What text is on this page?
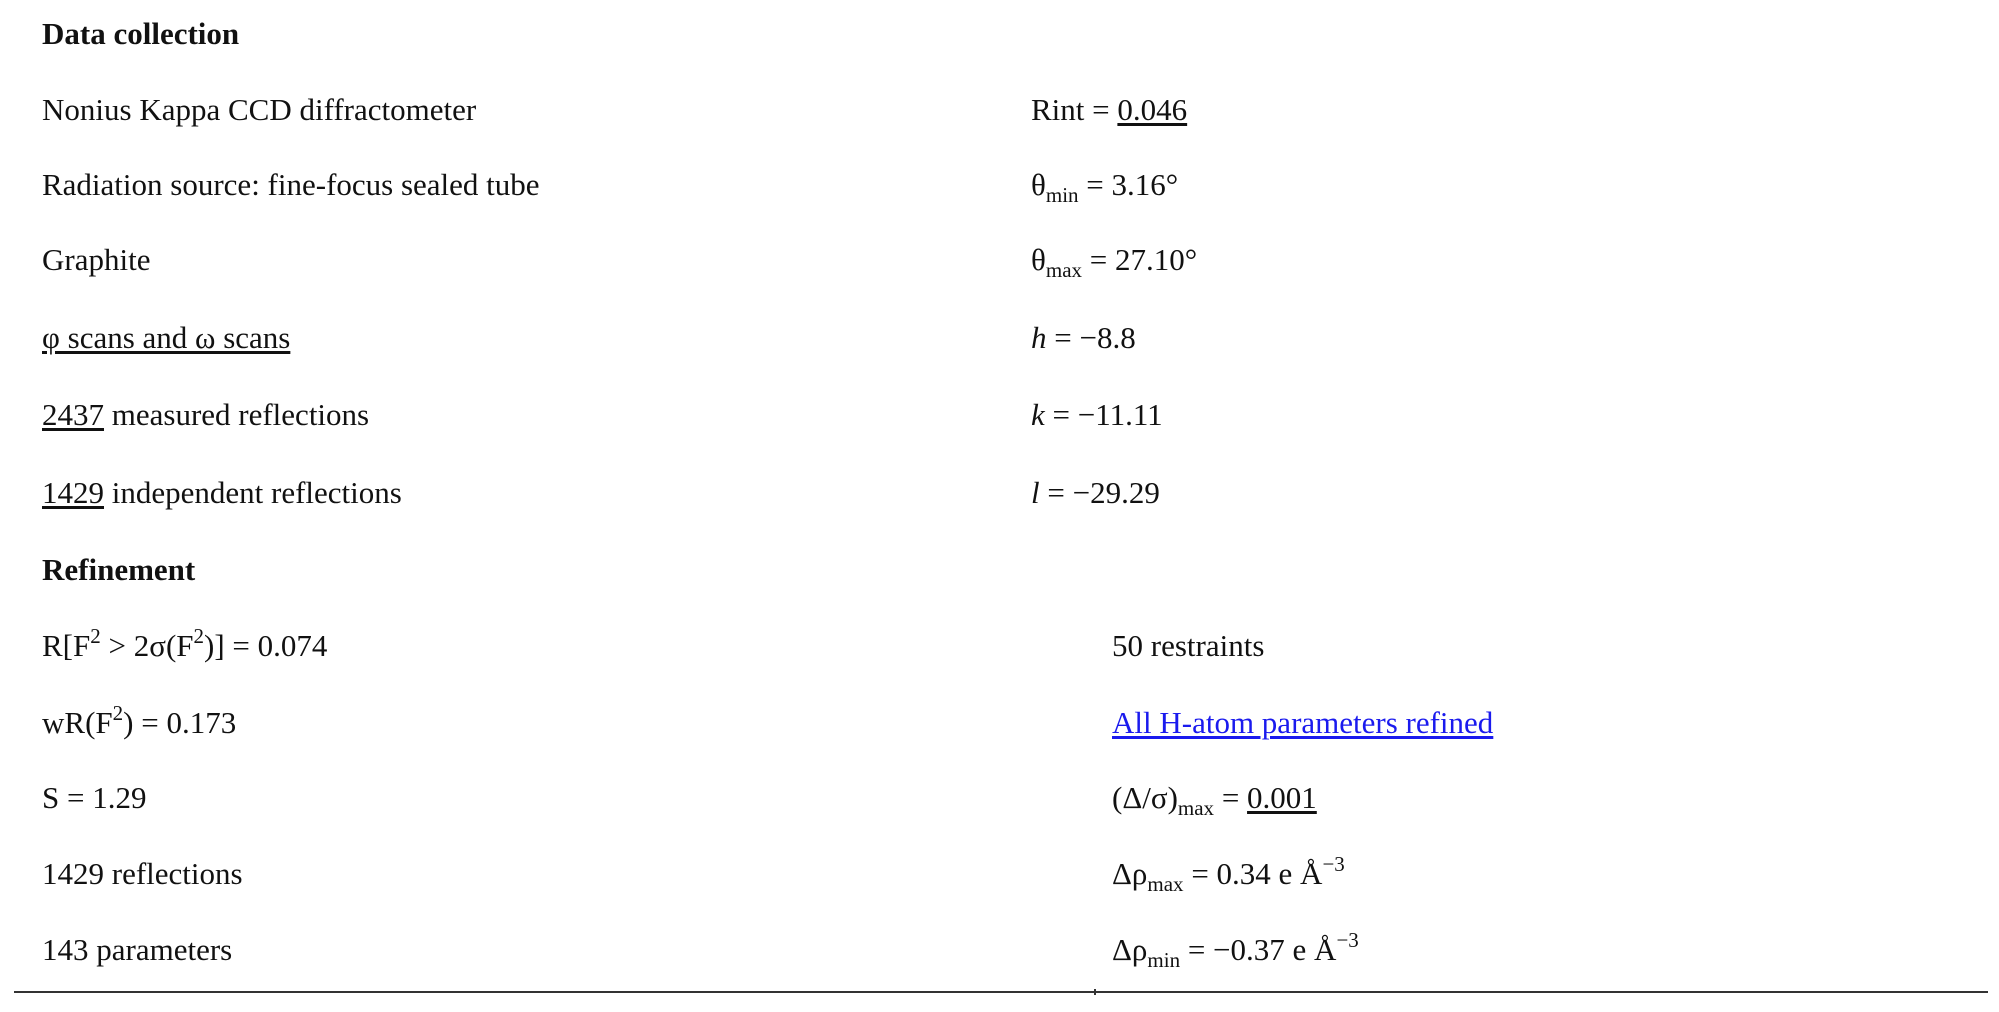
Data collection
Nonius Kappa CCD diffractometer	Rint = 0.046
Radiation source: fine-focus sealed tube	$\theta_{min} = 3.16^\circ$
Graphite	$\theta_{max} = 27.10^\circ$
φ scans and ω scans	h = −8.8
2437 measured reflections	k = −11.11
1429 independent reflections	l = −29.29
Refinement
$R[F^2 > 2\sigma(F^2)] = 0.074$	50 restraints
$wR(F^2) = 0.173$	All H-atom parameters refined
S = 1.29	$(\Delta/\sigma)_{max} = 0.001$
1429 reflections	$\Delta\rho_{max} = 0.34$ e $Å^{-3}$
143 parameters	$\Delta\rho_{min} = -0.37$ e $Å^{-3}$
